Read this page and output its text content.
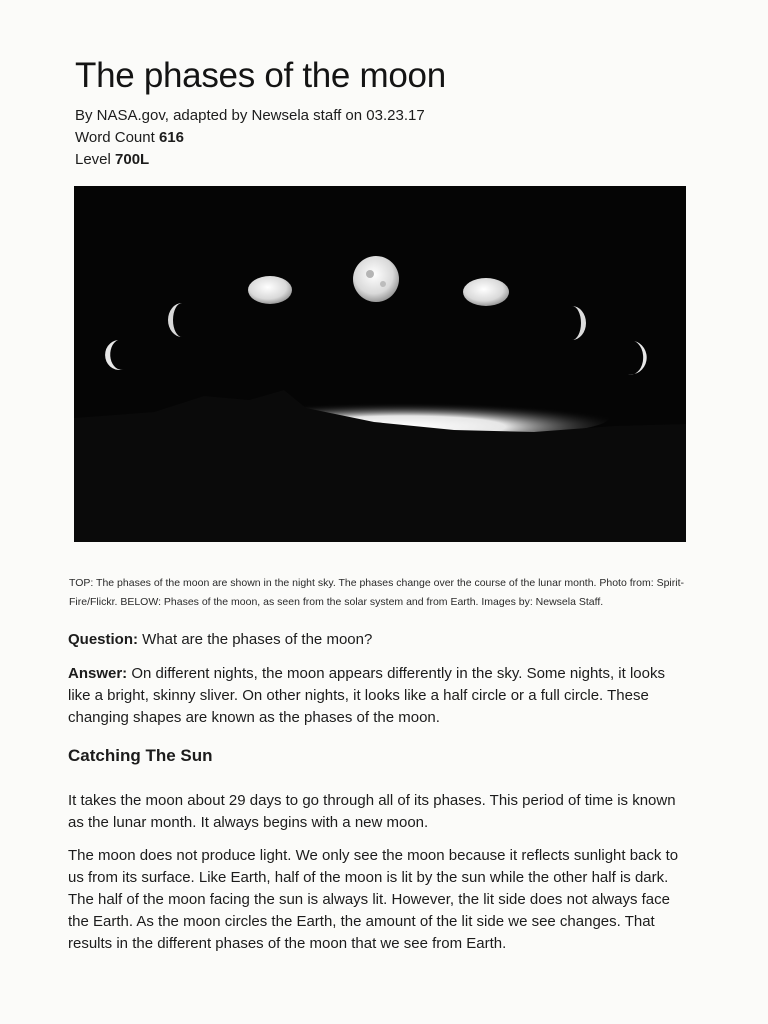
The phases of the moon
By NASA.gov, adapted by Newsela staff on 03.23.17
Word Count 616
Level 700L
TOP: The phases of the moon are shown in the night sky. The phases change over the course of the lunar month. Photo from: Spirit-Fire/Flickr. BELOW: Phases of the moon, as seen from the solar system and from Earth. Images by: Newsela Staff.

Question: What are the phases of the moon?

Answer: On different nights, the moon appears differently in the sky. Some nights, it looks like a bright, skinny sliver. On other nights, it looks like a half circle or a full circle. These changing shapes are known as the phases of the moon.

Catching The Sun

It takes the moon about 29 days to go through all of its phases. This period of time is known as the lunar month. It always begins with a new moon.

The moon does not produce light. We only see the moon because it reflects sunlight back to us from its surface. Like Earth, half of the moon is lit by the sun while the other half is dark. The half of the moon facing the sun is always lit. However, the lit side does not always face the Earth. As the moon circles the Earth, the amount of the lit side we see changes. That results in the different phases of the moon that we see from Earth.
